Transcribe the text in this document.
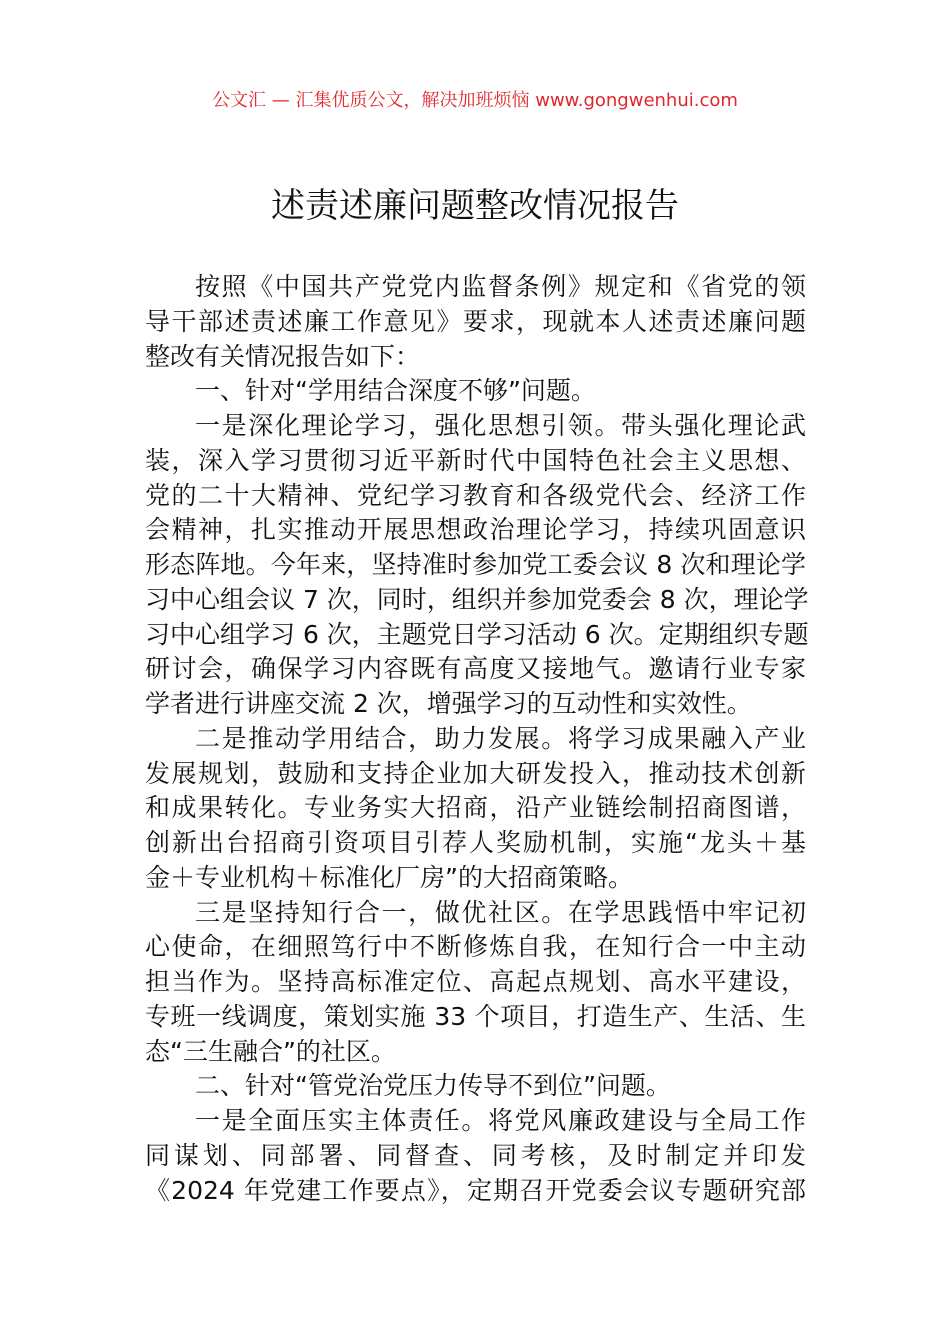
公文汇 — 汇集优质公文，解决加班烦恼 www.gongwenhui.com
述责述廉问题整改情况报告
按照《中国共产党党内监督条例》规定和《省党的领
导干部述责述廉工作意见》要求，现就本人述责述廉问题
整改有关情况报告如下：
一、针对“学用结合深度不够”问题。
一是深化理论学习，强化思想引领。带头强化理论武
装，深入学习贯彻习近平新时代中国特色社会主义思想、
党的二十大精神、党纪学习教育和各级党代会、经济工作
会精神，扎实推动开展思想政治理论学习，持续巩固意识
形态阵地。今年来，坚持准时参加党工委会议 8 次和理论学
习中心组会议 7 次，同时，组织并参加党委会 8 次，理论学
习中心组学习 6 次，主题党日学习活动 6 次。定期组织专题
研讨会，确保学习内容既有高度又接地气。邀请行业专家
学者进行讲座交流 2 次，增强学习的互动性和实效性。
二是推动学用结合，助力发展。将学习成果融入产业
发展规划，鼓励和支持企业加大研发投入，推动技术创新
和成果转化。专业务实大招商，沿产业链绘制招商图谱，
创新出台招商引资项目引荐人奖励机制，实施“龙头＋基
金＋专业机构＋标准化厂房”的大招商策略。
三是坚持知行合一，做优社区。在学思践悟中牢记初
心使命，在细照笃行中不断修炼自我，在知行合一中主动
担当作为。坚持高标准定位、高起点规划、高水平建设，
专班一线调度，策划实施 33 个项目，打造生产、生活、生
态“三生融合”的社区。
二、针对“管党治党压力传导不到位”问题。
一是全面压实主体责任。将党风廉政建设与全局工作
同谋划、同部署、同督查、同考核，及时制定并印发
《2024 年党建工作要点》，定期召开党委会议专题研究部
